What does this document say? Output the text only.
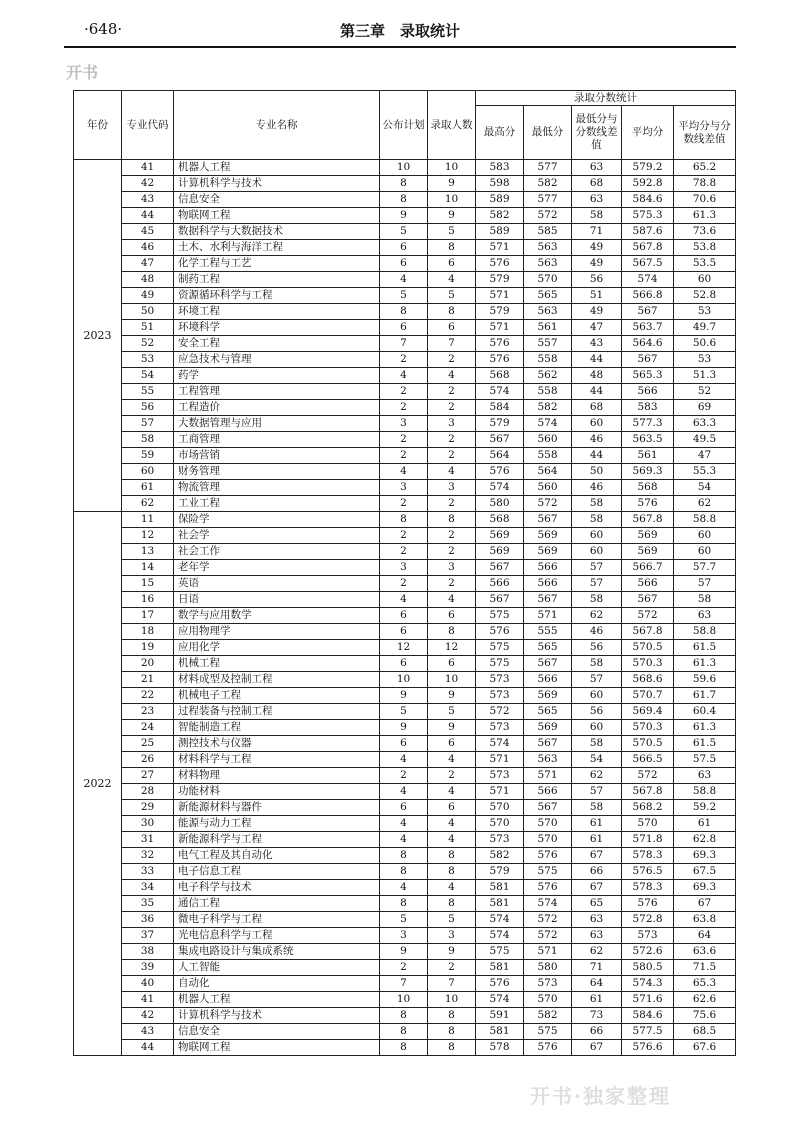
·648·	第三章　录取统计
开书
年份	专业代码	专业名称	公布计划	录取人数	录取分数统计				
					最高分	最低分	最低分与分数线差值	平均分	平均分与分数线差值
2023	41	机器人工程	10	10	583	577	63	579.2	65.2
	42	计算机科学与技术	8	9	598	582	68	592.8	78.8
	43	信息安全	8	10	589	577	63	584.6	70.6
	44	物联网工程	9	9	582	572	58	575.3	61.3
	45	数据科学与大数据技术	5	5	589	585	71	587.6	73.6
	46	土木、水利与海洋工程	6	8	571	563	49	567.8	53.8
	47	化学工程与工艺	6	6	576	563	49	567.5	53.5
	48	制药工程	4	4	579	570	56	574	60
	49	资源循环科学与工程	5	5	571	565	51	566.8	52.8
	50	环境工程	8	8	579	563	49	567	53
	51	环境科学	6	6	571	561	47	563.7	49.7
	52	安全工程	7	7	576	557	43	564.6	50.6
	53	应急技术与管理	2	2	576	558	44	567	53
	54	药学	4	4	568	562	48	565.3	51.3
	55	工程管理	2	2	574	558	44	566	52
	56	工程造价	2	2	584	582	68	583	69
	57	大数据管理与应用	3	3	579	574	60	577.3	63.3
	58	工商管理	2	2	567	560	46	563.5	49.5
	59	市场营销	2	2	564	558	44	561	47
	60	财务管理	4	4	576	564	50	569.3	55.3
	61	物流管理	3	3	574	560	46	568	54
	62	工业工程	2	2	580	572	58	576	62
2022	11	保险学	8	8	568	567	58	567.8	58.8
	12	社会学	2	2	569	569	60	569	60
	13	社会工作	2	2	569	569	60	569	60
	14	老年学	3	3	567	566	57	566.7	57.7
	15	英语	2	2	566	566	57	566	57
	16	日语	4	4	567	567	58	567	58
	17	数学与应用数学	6	6	575	571	62	572	63
	18	应用物理学	6	8	576	555	46	567.8	58.8
	19	应用化学	12	12	575	565	56	570.5	61.5
	20	机械工程	6	6	575	567	58	570.3	61.3
	21	材料成型及控制工程	10	10	573	566	57	568.6	59.6
	22	机械电子工程	9	9	573	569	60	570.7	61.7
	23	过程装备与控制工程	5	5	572	565	56	569.4	60.4
	24	智能制造工程	9	9	573	569	60	570.3	61.3
	25	测控技术与仪器	6	6	574	567	58	570.5	61.5
	26	材料科学与工程	4	4	571	563	54	566.5	57.5
	27	材料物理	2	2	573	571	62	572	63
	28	功能材料	4	4	571	566	57	567.8	58.8
	29	新能源材料与器件	6	6	570	567	58	568.2	59.2
	30	能源与动力工程	4	4	570	570	61	570	61
	31	新能源科学与工程	4	4	573	570	61	571.8	62.8
	32	电气工程及其自动化	8	8	582	576	67	578.3	69.3
	33	电子信息工程	8	8	579	575	66	576.5	67.5
	34	电子科学与技术	4	4	581	576	67	578.3	69.3
	35	通信工程	8	8	581	574	65	576	67
	36	微电子科学与工程	5	5	574	572	63	572.8	63.8
	37	光电信息科学与工程	3	3	574	572	63	573	64
	38	集成电路设计与集成系统	9	9	575	571	62	572.6	63.6
	39	人工智能	2	2	581	580	71	580.5	71.5
	40	自动化	7	7	576	573	64	574.3	65.3
	41	机器人工程	10	10	574	570	61	571.6	62.6
	42	计算机科学与技术	8	8	591	582	73	584.6	75.6
	43	信息安全	8	8	581	575	66	577.5	68.5
	44	物联网工程	8	8	578	576	67	576.6	67.6
开书·独家整理
